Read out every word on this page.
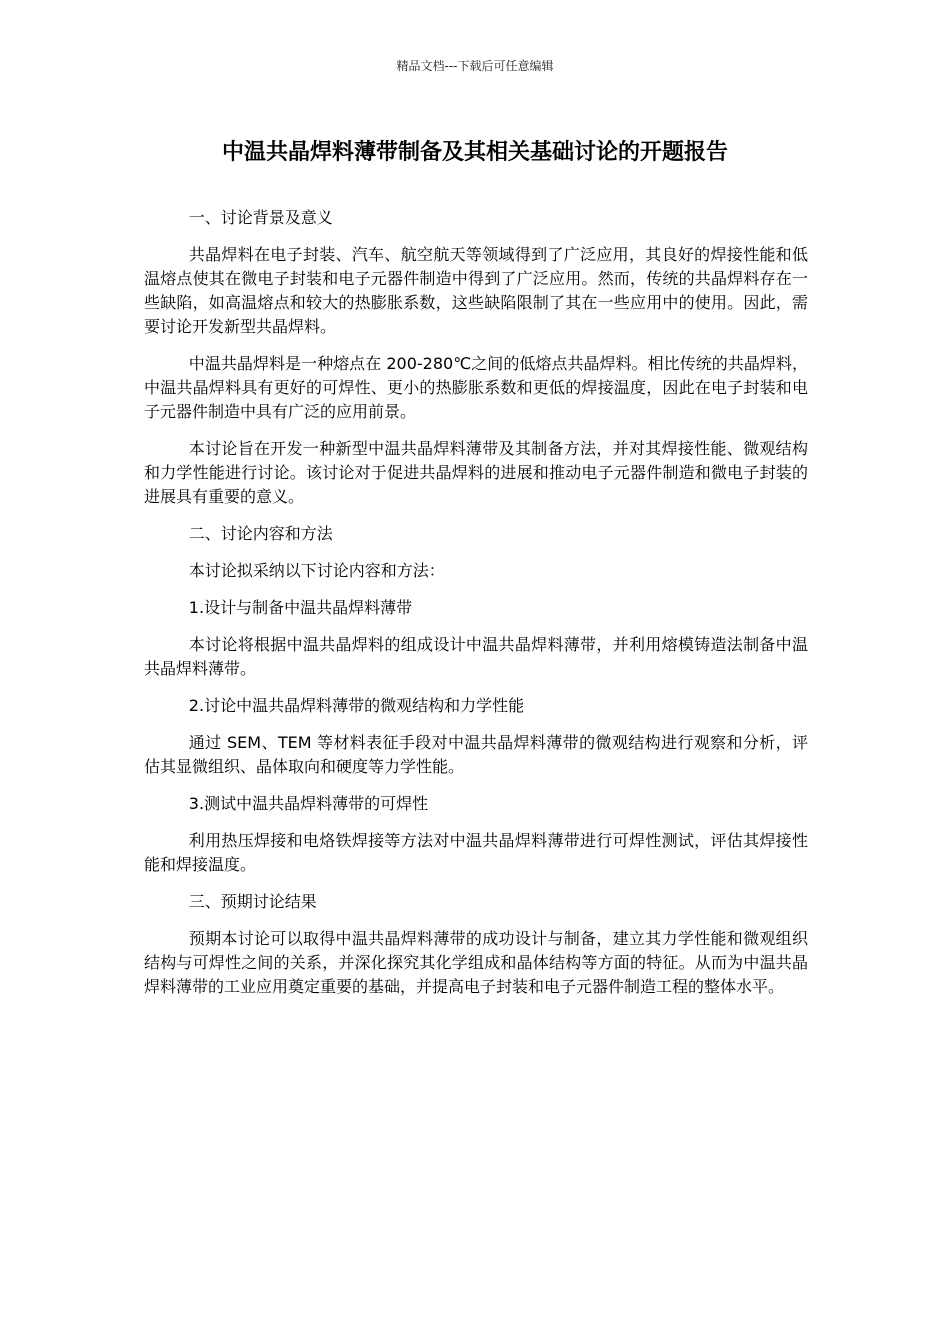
精品文档---下载后可任意编辑
中温共晶焊料薄带制备及其相关基础讨论的开题报告

一、讨论背景及意义

共晶焊料在电子封装、汽车、航空航天等领域得到了广泛应用，其良好的焊接性能和低温熔点使其在微电子封装和电子元器件制造中得到了广泛应用。然而，传统的共晶焊料存在一些缺陷，如高温熔点和较大的热膨胀系数，这些缺陷限制了其在一些应用中的使用。因此，需要讨论开发新型共晶焊料。

中温共晶焊料是一种熔点在 200-280℃之间的低熔点共晶焊料。相比传统的共晶焊料，中温共晶焊料具有更好的可焊性、更小的热膨胀系数和更低的焊接温度，因此在电子封装和电子元器件制造中具有广泛的应用前景。

本讨论旨在开发一种新型中温共晶焊料薄带及其制备方法，并对其焊接性能、微观结构和力学性能进行讨论。该讨论对于促进共晶焊料的进展和推动电子元器件制造和微电子封装的进展具有重要的意义。

二、讨论内容和方法

本讨论拟采纳以下讨论内容和方法：

1.设计与制备中温共晶焊料薄带

本讨论将根据中温共晶焊料的组成设计中温共晶焊料薄带，并利用熔模铸造法制备中温共晶焊料薄带。

2.讨论中温共晶焊料薄带的微观结构和力学性能

通过 SEM、TEM 等材料表征手段对中温共晶焊料薄带的微观结构进行观察和分析，评估其显微组织、晶体取向和硬度等力学性能。

3.测试中温共晶焊料薄带的可焊性

利用热压焊接和电烙铁焊接等方法对中温共晶焊料薄带进行可焊性测试，评估其焊接性能和焊接温度。

三、预期讨论结果

预期本讨论可以取得中温共晶焊料薄带的成功设计与制备，建立其力学性能和微观组织结构与可焊性之间的关系，并深化探究其化学组成和晶体结构等方面的特征。从而为中温共晶焊料薄带的工业应用奠定重要的基础，并提高电子封装和电子元器件制造工程的整体水平。
